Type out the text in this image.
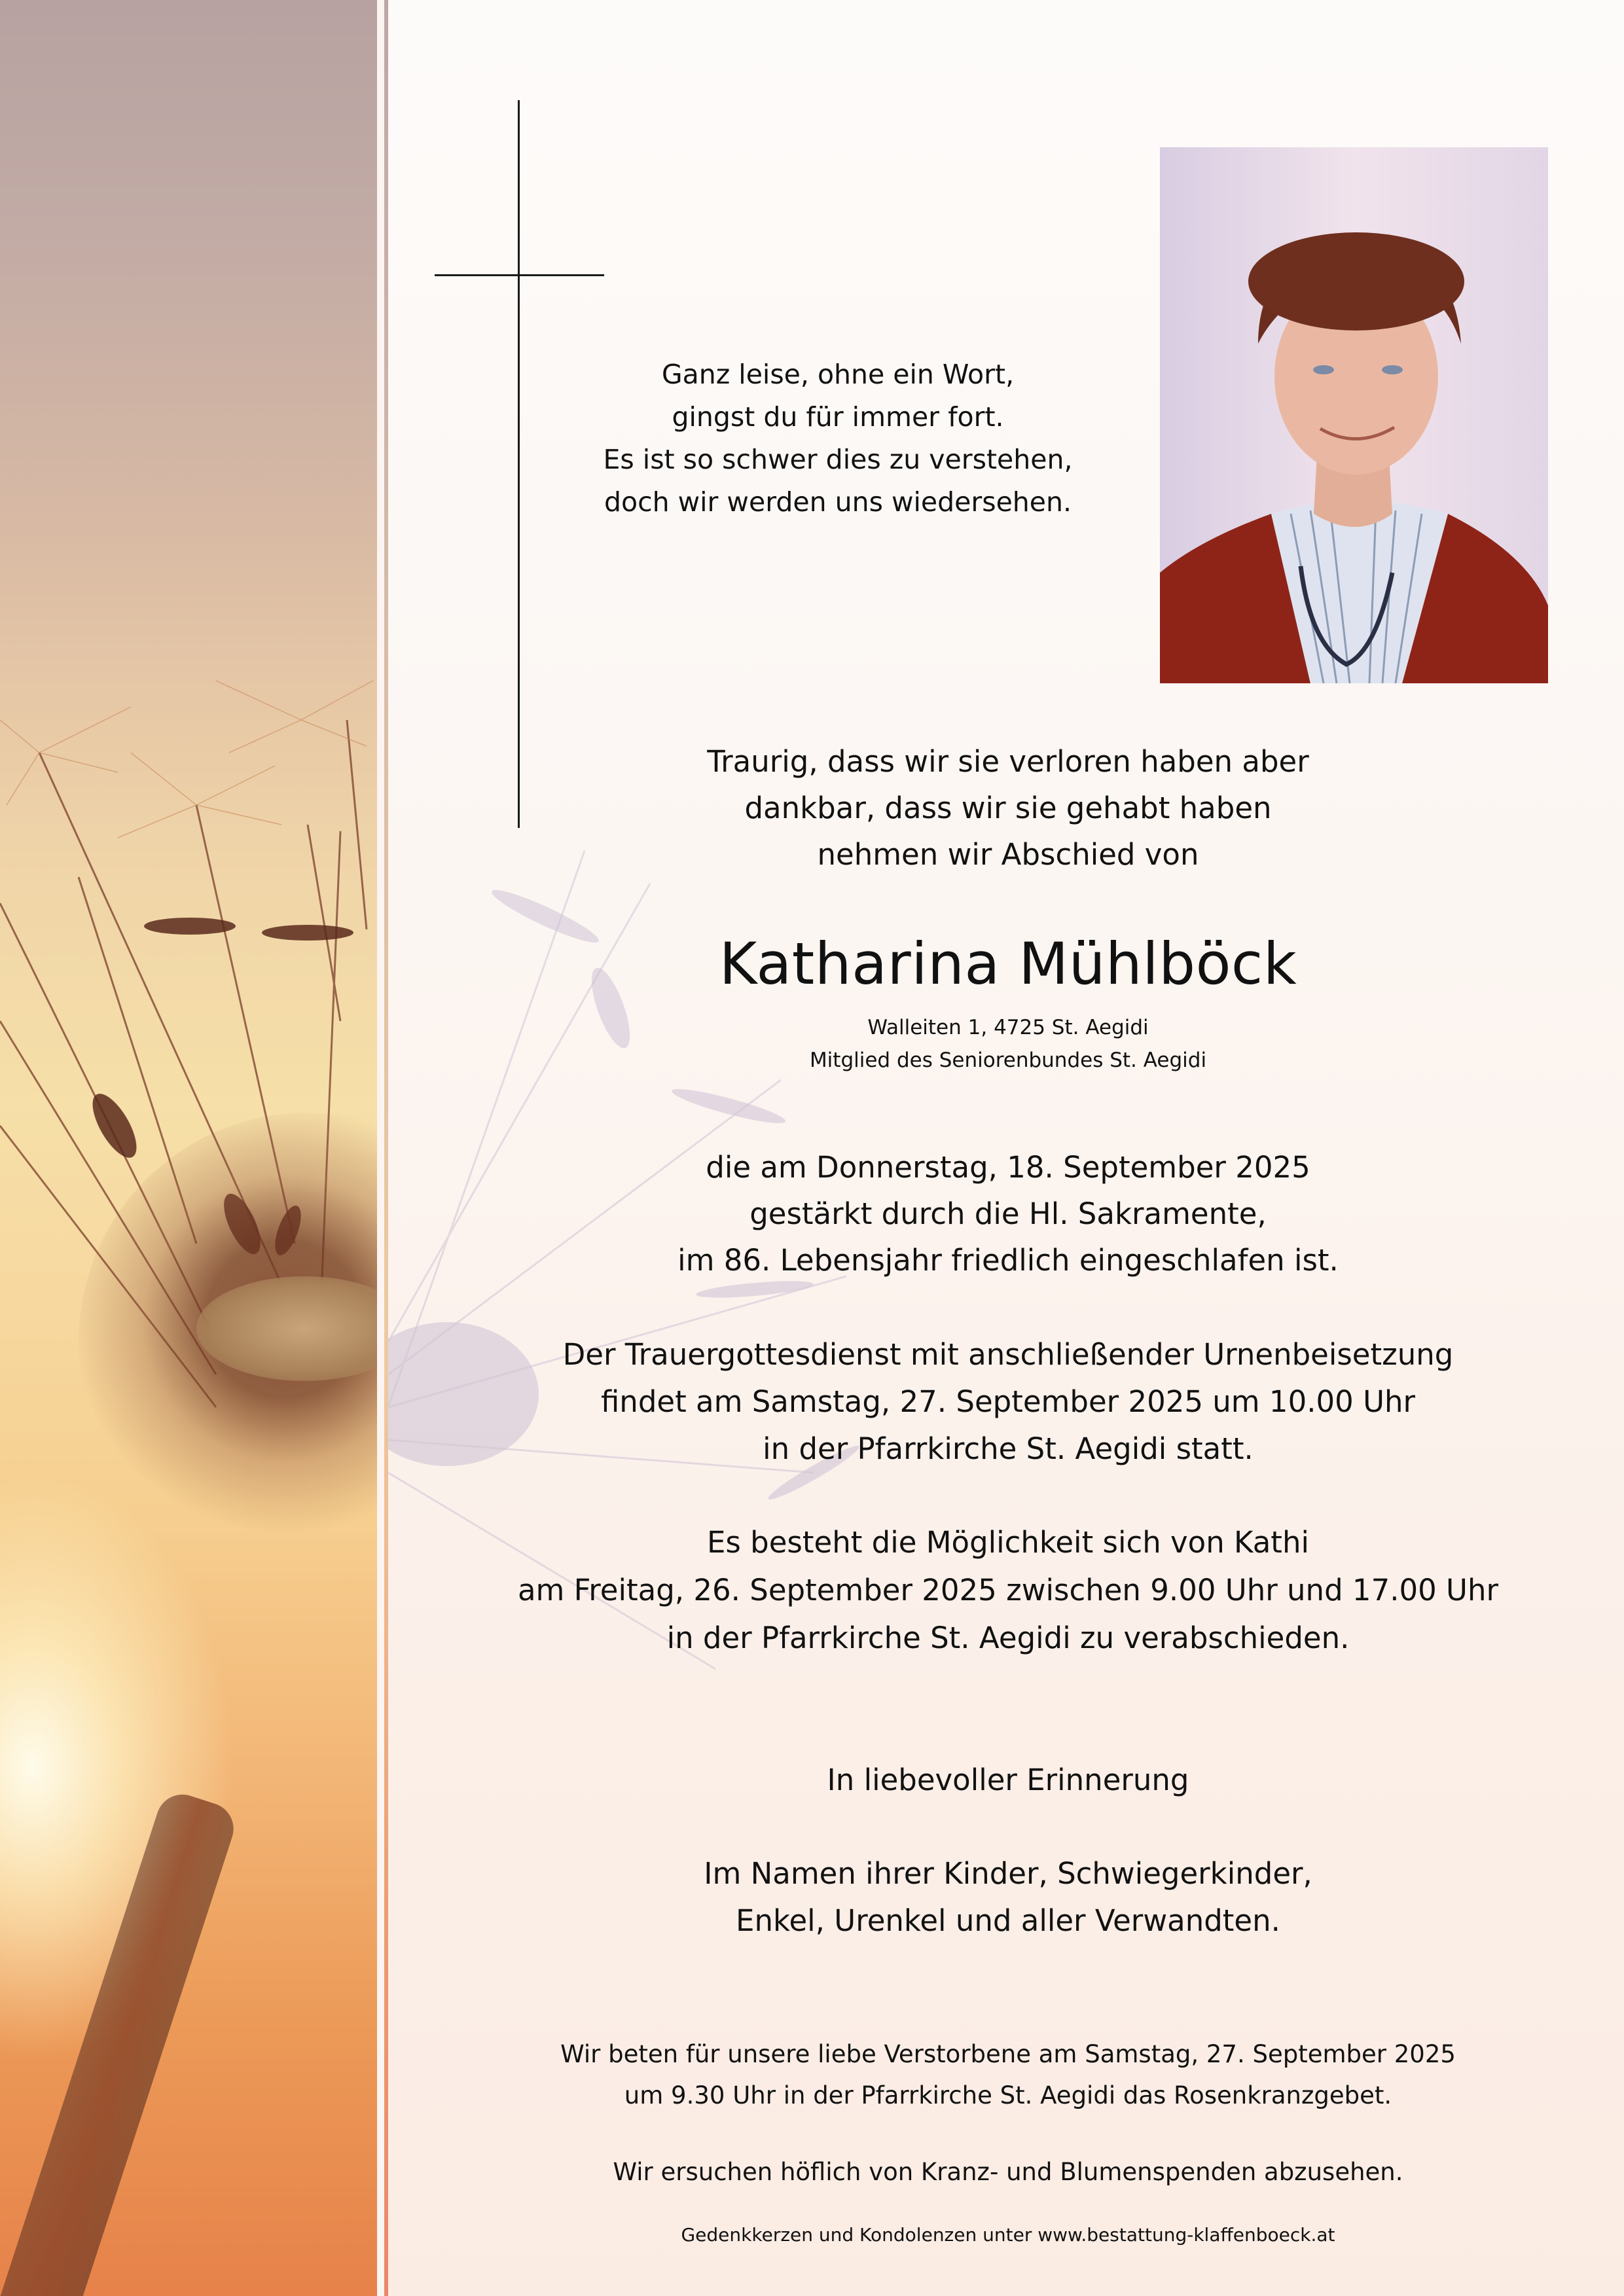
Ganz leise, ohne ein Wort,
gingst du für immer fort.
Es ist so schwer dies zu verstehen,
doch wir werden uns wiedersehen.
Traurig, dass wir sie verloren haben aber
dankbar, dass wir sie gehabt haben
nehmen wir Abschied von
Katharina Mühlböck
Walleiten 1, 4725 St. Aegidi
Mitglied des Seniorenbundes St. Aegidi
die am Donnerstag, 18. September 2025
gestärkt durch die Hl. Sakramente,
im 86. Lebensjahr friedlich eingeschlafen ist.
Der Trauergottesdienst mit anschließender Urnenbeisetzung
findet am Samstag, 27. September 2025 um 10.00 Uhr
in der Pfarrkirche St. Aegidi statt.
Es besteht die Möglichkeit sich von Kathi
am Freitag, 26. September 2025 zwischen 9.00 Uhr und 17.00 Uhr
in der Pfarrkirche St. Aegidi zu verabschieden.
In liebevoller Erinnerung
Im Namen ihrer Kinder, Schwiegerkinder,
Enkel, Urenkel und aller Verwandten.
Wir beten für unsere liebe Verstorbene am Samstag, 27. September 2025
um 9.30 Uhr in der Pfarrkirche St. Aegidi das Rosenkranzgebet.
Wir ersuchen höflich von Kranz- und Blumenspenden abzusehen.
Gedenkkerzen und Kondolenzen unter www.bestattung-klaffenboeck.at
